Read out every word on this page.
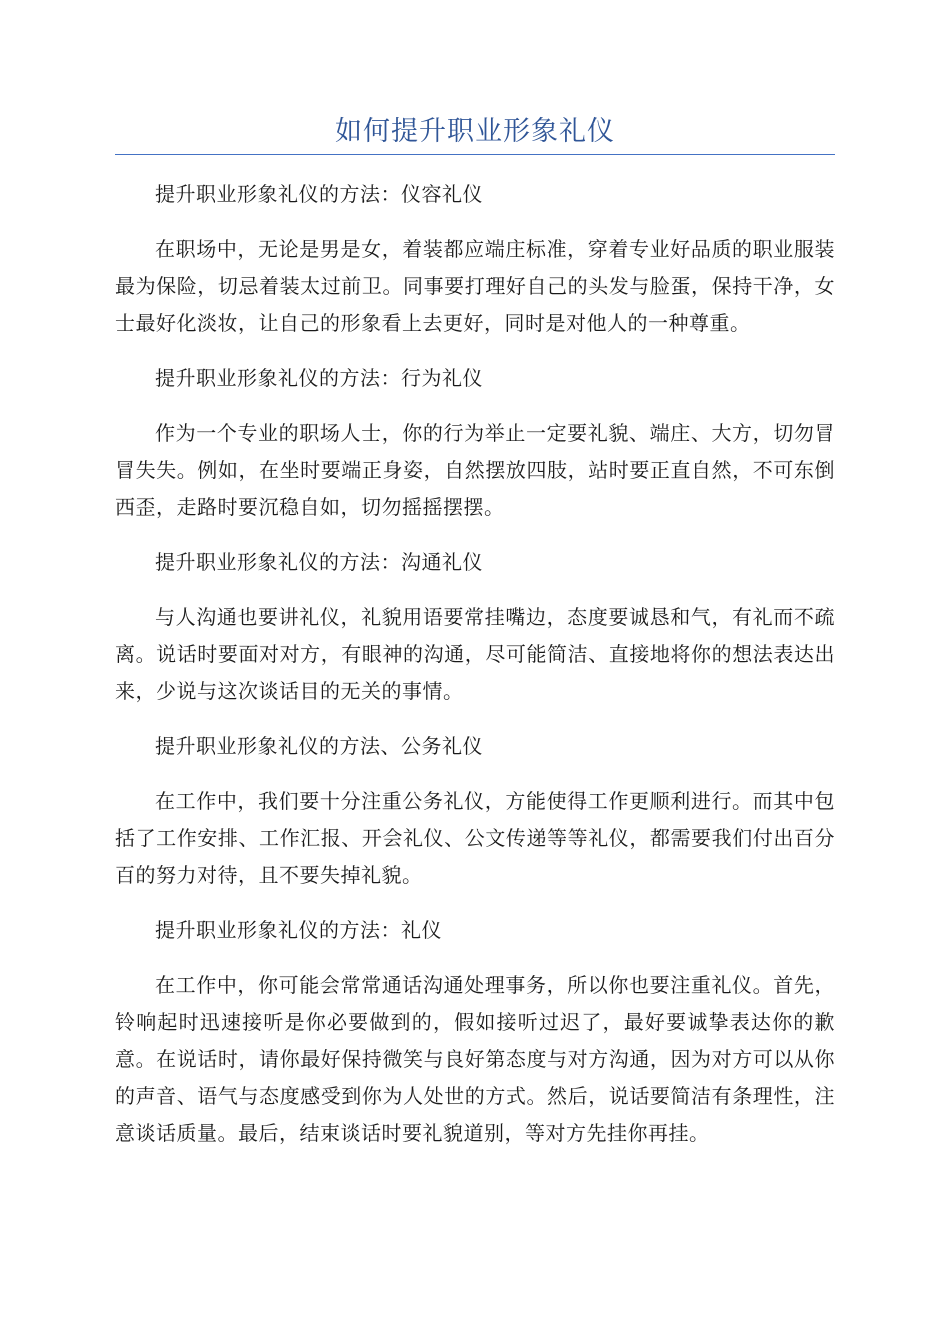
如何提升职业形象礼仪

提升职业形象礼仪的方法：仪容礼仪

在职场中，无论是男是女，着装都应端庄标准，穿着专业好品质的职业服装最为保险，切忌着装太过前卫。同事要打理好自己的头发与脸蛋，保持干净，女士最好化淡妆，让自己的形象看上去更好，同时是对他人的一种尊重。

提升职业形象礼仪的方法：行为礼仪

作为一个专业的职场人士，你的行为举止一定要礼貌、端庄、大方，切勿冒冒失失。例如，在坐时要端正身姿，自然摆放四肢，站时要正直自然，不可东倒西歪，走路时要沉稳自如，切勿摇摇摆摆。

提升职业形象礼仪的方法：沟通礼仪

与人沟通也要讲礼仪，礼貌用语要常挂嘴边，态度要诚恳和气，有礼而不疏离。说话时要面对对方，有眼神的沟通，尽可能简洁、直接地将你的想法表达出来，少说与这次谈话目的无关的事情。

提升职业形象礼仪的方法、公务礼仪

在工作中，我们要十分注重公务礼仪，方能使得工作更顺利进行。而其中包括了工作安排、工作汇报、开会礼仪、公文传递等等礼仪，都需要我们付出百分百的努力对待，且不要失掉礼貌。

提升职业形象礼仪的方法：礼仪

在工作中，你可能会常常通话沟通处理事务，所以你也要注重礼仪。首先，铃响起时迅速接听是你必要做到的，假如接听过迟了，最好要诚挚表达你的歉意。在说话时，请你最好保持微笑与良好第态度与对方沟通，因为对方可以从你的声音、语气与态度感受到你为人处世的方式。然后，说话要简洁有条理性，注意谈话质量。最后，结束谈话时要礼貌道别，等对方先挂你再挂。
